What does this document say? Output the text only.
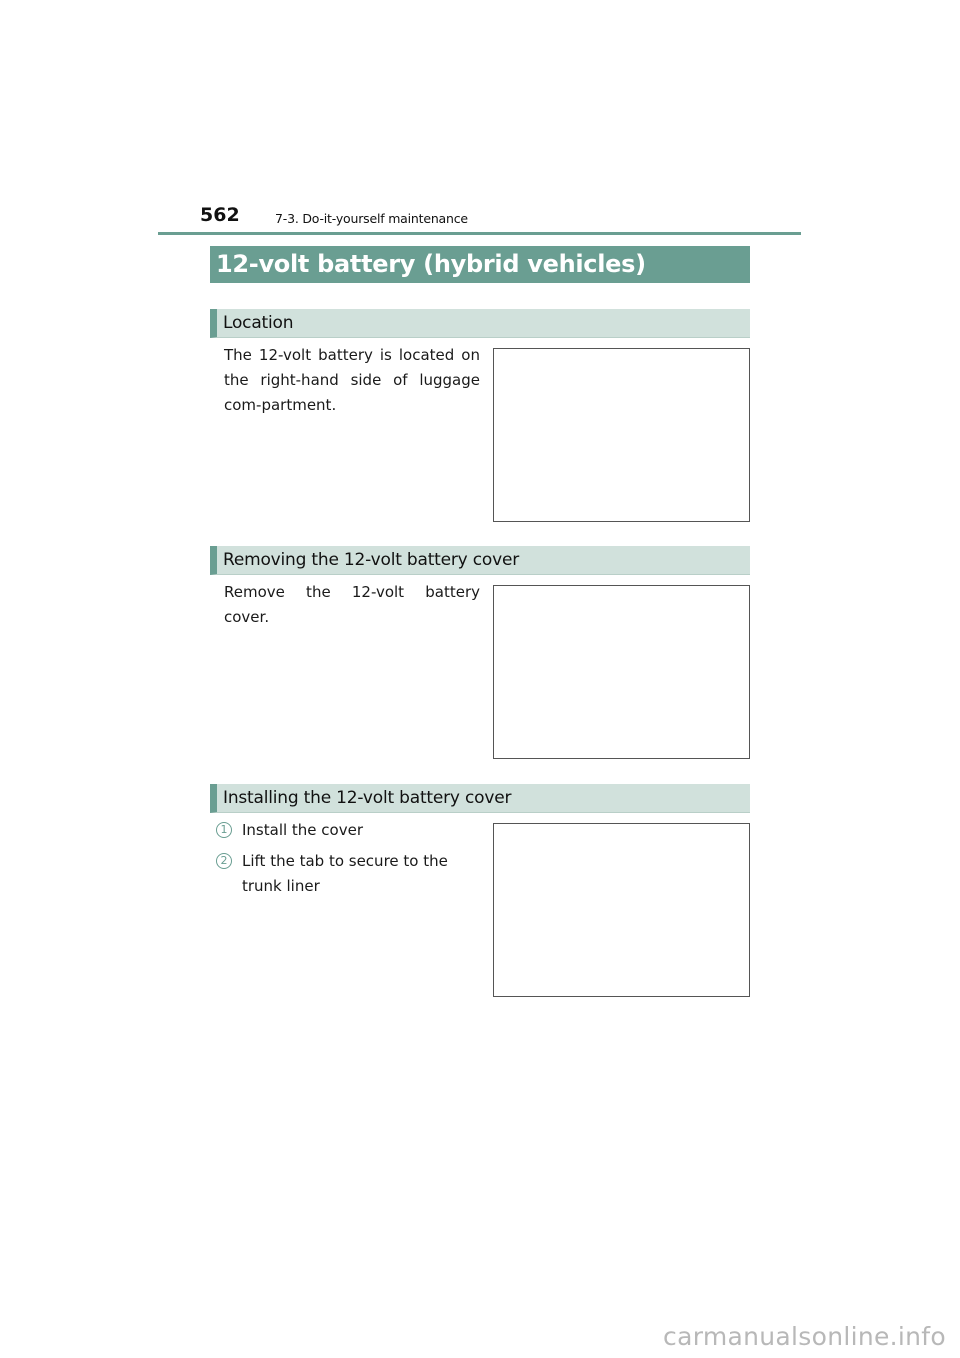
562	7-3. Do-it-yourself maintenance
12-volt battery (hybrid vehicles)
Location
The 12-volt battery is located on the right-hand side of luggage com-partment.
Removing the 12-volt battery cover
Remove the 12-volt battery cover.
Installing the 12-volt battery cover
1 Install the cover
2 Lift the tab to secure to the trunk liner
carmanualsonline.info
